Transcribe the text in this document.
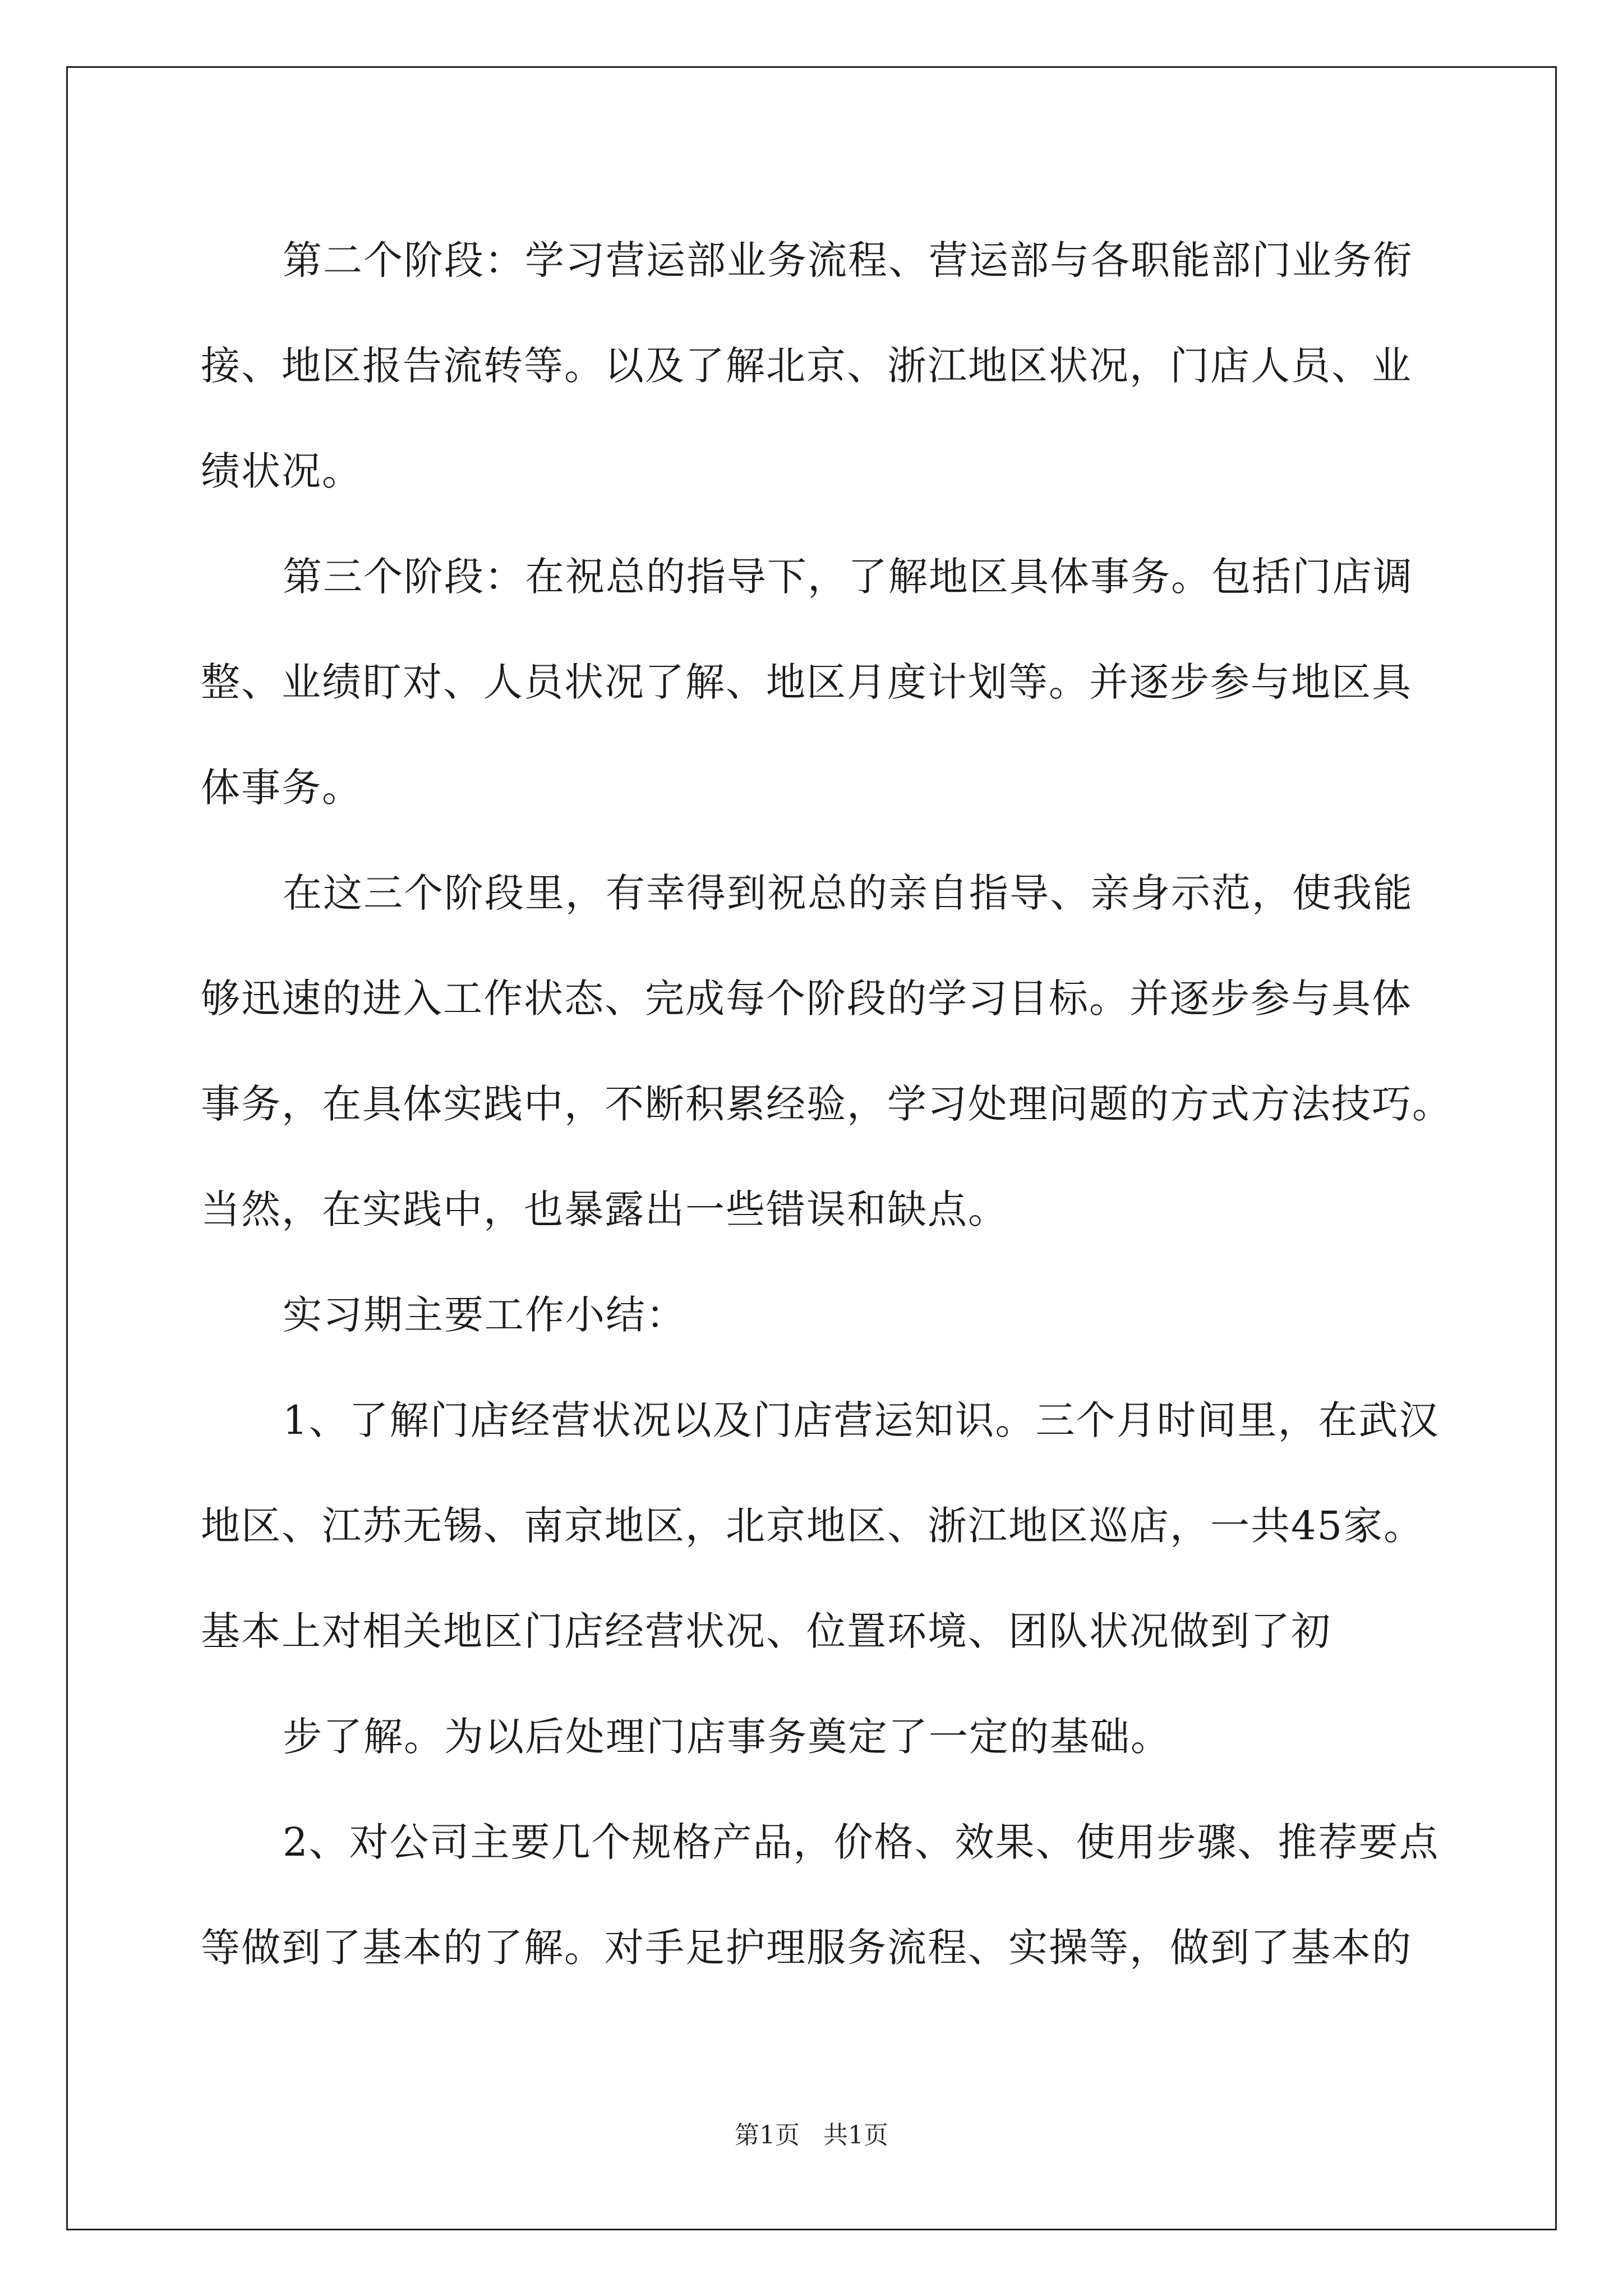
第二个阶段：学习营运部业务流程、营运部与各职能部门业务衔
接、地区报告流转等。以及了解北京、浙江地区状况，门店人员、业
绩状况。
第三个阶段：在祝总的指导下，了解地区具体事务。包括门店调
整、业绩盯对、人员状况了解、地区月度计划等。并逐步参与地区具
体事务。
在这三个阶段里，有幸得到祝总的亲自指导、亲身示范，使我能
够迅速的进入工作状态、完成每个阶段的学习目标。并逐步参与具体
事务，在具体实践中，不断积累经验，学习处理问题的方式方法技巧。
当然，在实践中，也暴露出一些错误和缺点。
实习期主要工作小结：
1、了解门店经营状况以及门店营运知识。三个月时间里，在武汉
地区、江苏无锡、南京地区，北京地区、浙江地区巡店，一共45家。
基本上对相关地区门店经营状况、位置环境、团队状况做到了初
步了解。为以后处理门店事务奠定了一定的基础。
2、对公司主要几个规格产品，价格、效果、使用步骤、推荐要点
等做到了基本的了解。对手足护理服务流程、实操等，做到了基本的
第1页 共1页
